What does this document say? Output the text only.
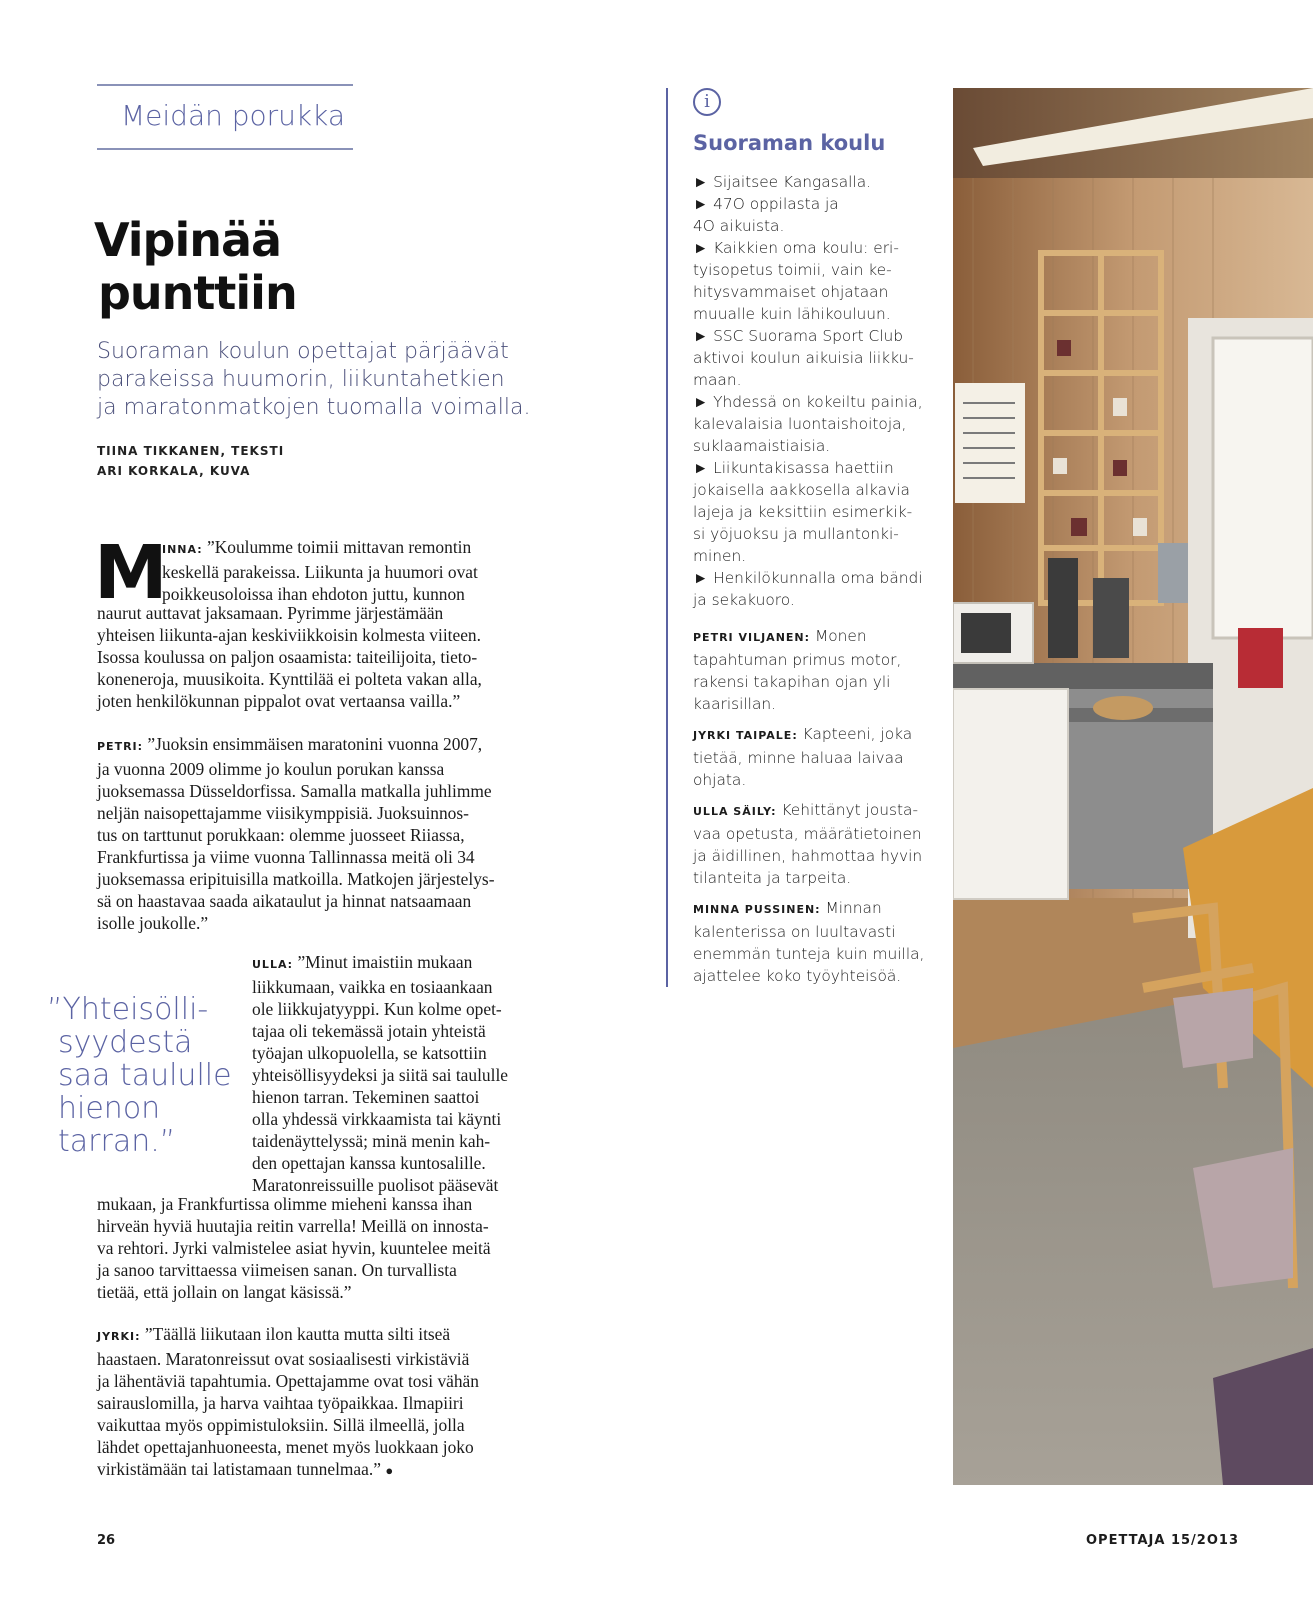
Meidän porukka
Vipinää
punttiin
Suoraman koulun opettajat pärjäävät
parakeissa huumorin, liikuntahetkien
ja maratonmatkojen tuomalla voimalla.
TIINA TIKKANEN, TEKSTI
ARI KORKALA, KUVA
M
INNA: ”Koulumme toimii mittavan remontin
keskellä parakeissa. Liikunta ja huumori ovat
poikkeusoloissa ihan ehdoton juttu, kunnon
naurut auttavat jaksamaan. Pyrimme järjestämään
yhteisen liikunta-ajan keskiviikkoisin kolmesta viiteen.
Isossa koulussa on paljon osaamista: taiteilijoita, tieto-
koneneroja, muusikoita. Kynttilää ei polteta vakan alla,
joten henkilökunnan pippalot ovat vertaansa vailla.”
PETRI: ”Juoksin ensimmäisen maratonini vuonna 2007,
ja vuonna 2009 olimme jo koulun porukan kanssa
juoksemassa Düsseldorfissa. Samalla matkalla juhlimme
neljän naisopettajamme viisikymppisiä. Juoksuinnos-
tus on tarttunut porukkaan: olemme juosseet Riiassa,
Frankfurtissa ja viime vuonna Tallinnassa meitä oli 34
juoksemassa eripituisilla matkoilla. Matkojen järjestelys-
sä on haastavaa saada aikataulut ja hinnat natsaamaan
isolle joukolle.”
”Yhteisölli-
syydestä
saa taululle
hienon
tarran.”
ULLA: ”Minut imaistiin mukaan
liikkumaan, vaikka en tosiaankaan
ole liikkujatyyppi. Kun kolme opet-
tajaa oli tekemässä jotain yhteistä
työajan ulkopuolella, se katsottiin
yhteisöllisyydeksi ja siitä sai taululle
hienon tarran. Tekeminen saattoi
olla yhdessä virkkaamista tai käynti
taidenäyttelyssä; minä menin kah-
den opettajan kanssa kuntosalille.
Maratonreissuille puolisot pääsevät
mukaan, ja Frankfurtissa olimme mieheni kanssa ihan
hirveän hyviä huutajia reitin varrella! Meillä on innosta-
va rehtori. Jyrki valmistelee asiat hyvin, kuuntelee meitä
ja sanoo tarvittaessa viimeisen sanan. On turvallista
tietää, että jollain on langat käsissä.”
JYRKI: ”Täällä liikutaan ilon kautta mutta silti itseä
haastaen. Maratonreissut ovat sosiaalisesti virkistäviä
ja lähentäviä tapahtumia. Opettajamme ovat tosi vähän
sairauslomilla, ja harva vaihtaa työpaikkaa. Ilmapiiri
vaikuttaa myös oppimistuloksiin. Sillä ilmeellä, jolla
lähdet opettajanhuoneesta, menet myös luokkaan joko
virkistämään tai latistamaan tunnelmaa.” ●
i
Suoraman koulu
► Sijaitsee Kangasalla.
► 47O oppilasta ja
4O aikuista.
► Kaikkien oma koulu: eri-
tyisopetus toimii, vain ke-
hitysvammaiset ohjataan
muualle kuin lähikouluun.
► SSC Suorama Sport Club
aktivoi koulun aikuisia liikku-
maan.
► Yhdessä on kokeiltu painia,
kalevalaisia luontaishoitoja,
suklaamaistiaisia.
► Liikuntakisassa haettiin
jokaisella aakkosella alkavia
lajeja ja keksittiin esimerkik-
si yöjuoksu ja mullantonki-
minen.
► Henkilökunnalla oma bändi
ja sekakuoro.
PETRI VILJANEN: Monen
tapahtuman primus motor,
rakensi takapihan ojan yli
kaarisillan.
JYRKI TAIPALE: Kapteeni, joka
tietää, minne haluaa laivaa
ohjata.
ULLA SÄILY: Kehittänyt jousta-
vaa opetusta, määrätietoinen
ja äidillinen, hahmottaa hyvin
tilanteita ja tarpeita.
MINNA PUSSINEN: Minnan
kalenterissa on luultavasti
enemmän tunteja kuin muilla,
ajattelee koko työyhteisöä.
26	OPETTAJA 15/2O13
